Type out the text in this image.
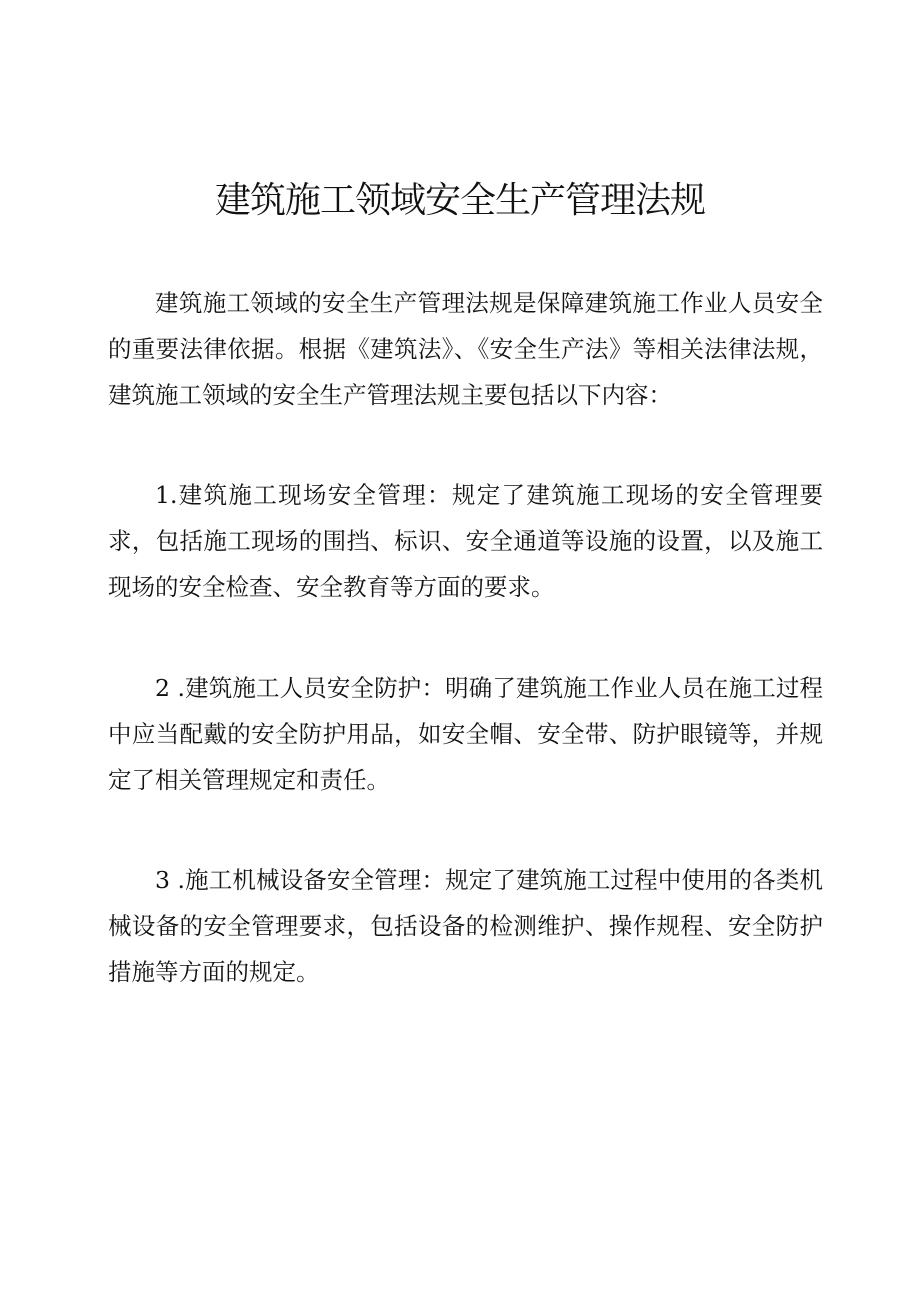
建筑施工领域安全生产管理法规

建筑施工领域的安全生产管理法规是保障建筑施工作业人员安全的重要法律依据。根据《建筑法》、《安全生产法》等相关法律法规，建筑施工领域的安全生产管理法规主要包括以下内容：

1.建筑施工现场安全管理：规定了建筑施工现场的安全管理要求，包括施工现场的围挡、标识、安全通道等设施的设置，以及施工现场的安全检查、安全教育等方面的要求。

2 .建筑施工人员安全防护：明确了建筑施工作业人员在施工过程中应当配戴的安全防护用品，如安全帽、安全带、防护眼镜等，并规定了相关管理规定和责任。

3 .施工机械设备安全管理：规定了建筑施工过程中使用的各类机械设备的安全管理要求，包括设备的检测维护、操作规程、安全防护措施等方面的规定。
